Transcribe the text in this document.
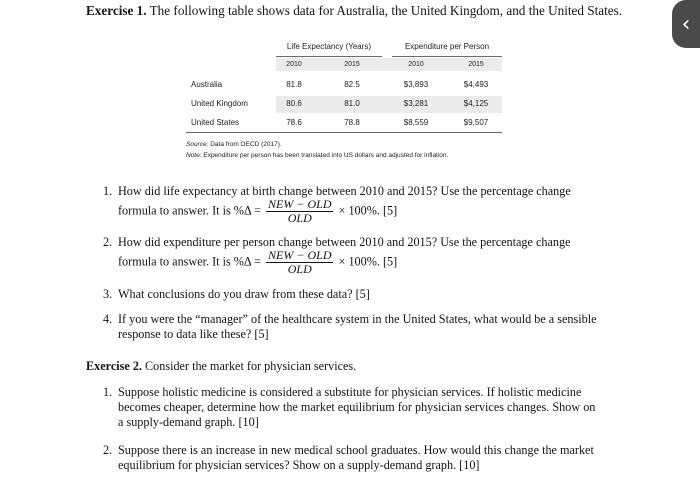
Exercise 1. The following table shows data for Australia, the United Kingdom, and the United States.
Life Expectancy (Years)	Expenditure per Person
2010	2015	2010	2015
Australia	81.8	82.5	$3,893	$4,493
United Kingdom	80.6	81.0	$3,281	$4,125
United States	78.6	78.8	$8,559	$9,507
Source: Data from OECD (2017).
Note: Expenditure per person has been translated into US dollars and adjusted for inflation.
1. How did life expectancy at birth change between 2010 and 2015? Use the percentage change
formula to answer. It is $\%\Delta = \frac{\text{NEW − OLD}}{\text{OLD}} \times 100\%$. [5]
2. How did expenditure per person change between 2010 and 2015? Use the percentage change
formula to answer. It is $\%\Delta = \frac{\text{NEW − OLD}}{\text{OLD}} \times 100\%$. [5]
3. What conclusions do you draw from these data? [5]
4. If you were the “manager” of the healthcare system in the United States, what would be a sensible
response to data like these? [5]
Exercise 2. Consider the market for physician services.
1. Suppose holistic medicine is considered a substitute for physician services. If holistic medicine
becomes cheaper, determine how the market equilibrium for physician services changes. Show on
a supply-demand graph. [10]
2. Suppose there is an increase in new medical school graduates. How would this change the market
equilibrium for physician services? Show on a supply-demand graph. [10]
‹
